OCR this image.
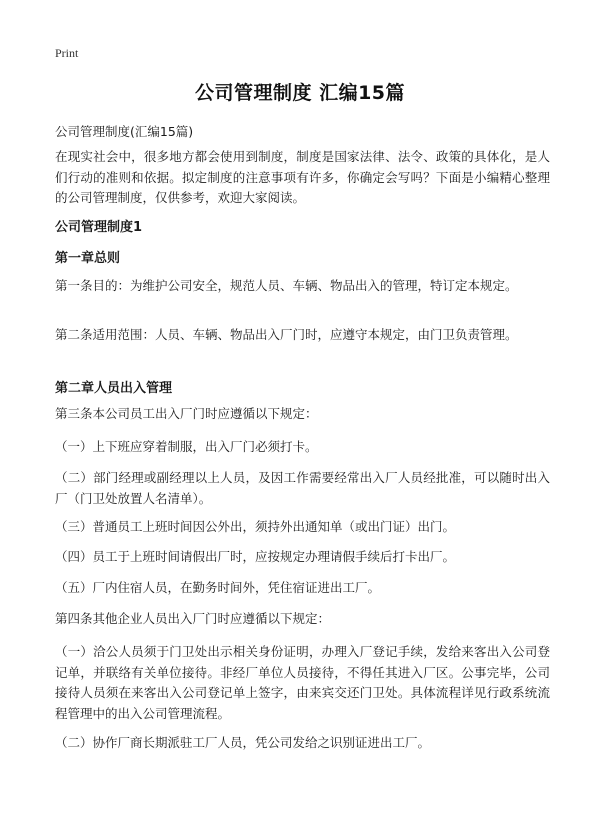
Print
公司管理制度 汇编15篇
公司管理制度(汇编15篇)

在现实社会中，很多地方都会使用到制度，制度是国家法律、法令、政策的具体化，是人们行动的准则和依据。拟定制度的注意事项有许多，你确定会写吗？下面是小编精心整理的公司管理制度，仅供参考，欢迎大家阅读。

公司管理制度1

第一章总则

第一条目的：为维护公司安全，规范人员、车辆、物品出入的管理，特订定本规定。

第二条适用范围：人员、车辆、物品出入厂门时，应遵守本规定，由门卫负责管理。

第二章人员出入管理

第三条本公司员工出入厂门时应遵循以下规定：

（一）上下班应穿着制服，出入厂门必须打卡。

（二）部门经理或副经理以上人员，及因工作需要经常出入厂人员经批准，可以随时出入厂（门卫处放置人名清单）。

（三）普通员工上班时间因公外出，须持外出通知单（或出门证）出门。

（四）员工于上班时间请假出厂时，应按规定办理请假手续后打卡出厂。

（五）厂内住宿人员，在勤务时间外，凭住宿证进出工厂。

第四条其他企业人员出入厂门时应遵循以下规定：

（一）洽公人员须于门卫处出示相关身份证明，办理入厂登记手续，发给来客出入公司登记单，并联络有关单位接待。非经厂单位人员接待，不得任其进入厂区。公事完毕，公司接待人员须在来客出入公司登记单上签字，由来宾交还门卫处。具体流程详见行政系统流程管理中的出入公司管理流程。

（二）协作厂商长期派驻工厂人员，凭公司发给之识别证进出工厂。
